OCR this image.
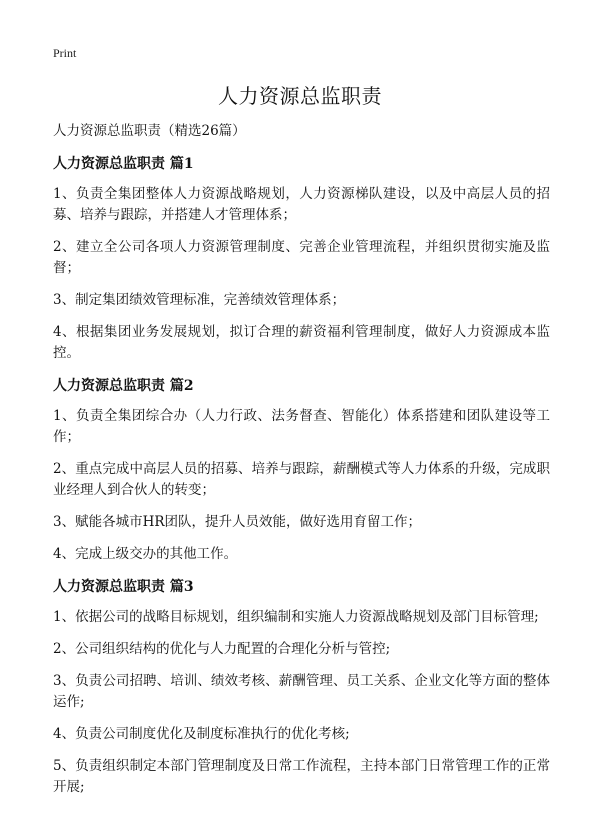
Print
人力资源总监职责

人力资源总监职责（精选26篇）

人力资源总监职责 篇1

1、负责全集团整体人力资源战略规划，人力资源梯队建设，以及中高层人员的招募、培养与跟踪，并搭建人才管理体系；

2、建立全公司各项人力资源管理制度、完善企业管理流程，并组织贯彻实施及监督；

3、制定集团绩效管理标准，完善绩效管理体系；

4、根据集团业务发展规划，拟订合理的薪资福利管理制度，做好人力资源成本监控。

人力资源总监职责 篇2

1、负责全集团综合办（人力行政、法务督查、智能化）体系搭建和团队建设等工作；

2、重点完成中高层人员的招募、培养与跟踪，薪酬模式等人力体系的升级，完成职业经理人到合伙人的转变；

3、赋能各城市HR团队，提升人员效能，做好选用育留工作；

4、完成上级交办的其他工作。

人力资源总监职责 篇3

1、依据公司的战略目标规划，组织编制和实施人力资源战略规划及部门目标管理;

2、公司组织结构的优化与人力配置的合理化分析与管控;

3、负责公司招聘、培训、绩效考核、薪酬管理、员工关系、企业文化等方面的整体运作;

4、负责公司制度优化及制度标准执行的优化考核;

5、负责组织制定本部门管理制度及日常工作流程，主持本部门日常管理工作的正常开展;
